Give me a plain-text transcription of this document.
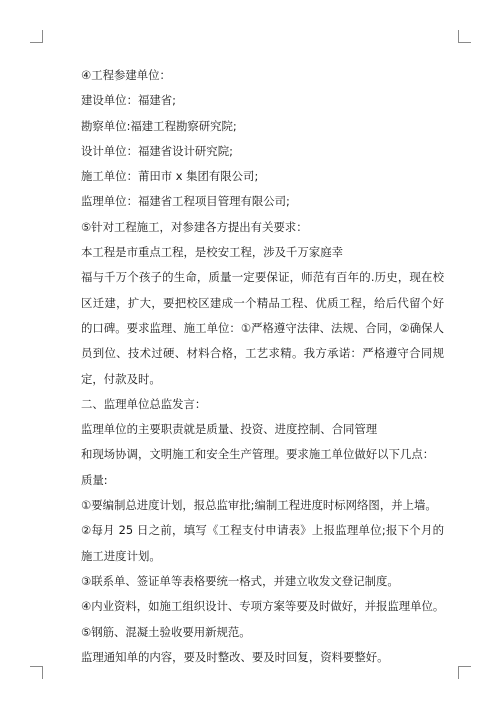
④工程参建单位：

建设单位：福建省;

勘察单位:福建工程勘察研究院;

设计单位：福建省设计研究院;

施工单位：莆田市 x 集团有限公司;

监理单位：福建省工程项目管理有限公司;

⑤针对工程施工，对参建各方提出有关要求：

本工程是市重点工程，是校安工程，涉及千万家庭幸

福与千万个孩子的生命，质量一定要保证，师范有百年的.历史，现在校区迁建，扩大，要把校区建成一个精品工程、优质工程，给后代留个好的口碑。要求监理、施工单位：①严格遵守法律、法规、合同，②确保人员到位、技术过硬、材料合格，工艺求精。我方承诺：严格遵守合同规定，付款及时。

二、监理单位总监发言：

监理单位的主要职责就是质量、投资、进度控制、合同管理

和现场协调，文明施工和安全生产管理。要求施工单位做好以下几点：

质量:

①要编制总进度计划，报总监审批;编制工程进度时标网络图，并上墙。

②每月 25 日之前，填写《工程支付申请表》上报监理单位;报下个月的施工进度计划。

③联系单、签证单等表格要统一格式，并建立收发文登记制度。

④内业资料，如施工组织设计、专项方案等要及时做好，并报监理单位。

⑤钢筋、混凝土验收要用新规范。

监理通知单的内容，要及时整改、要及时回复，资料要整好。
